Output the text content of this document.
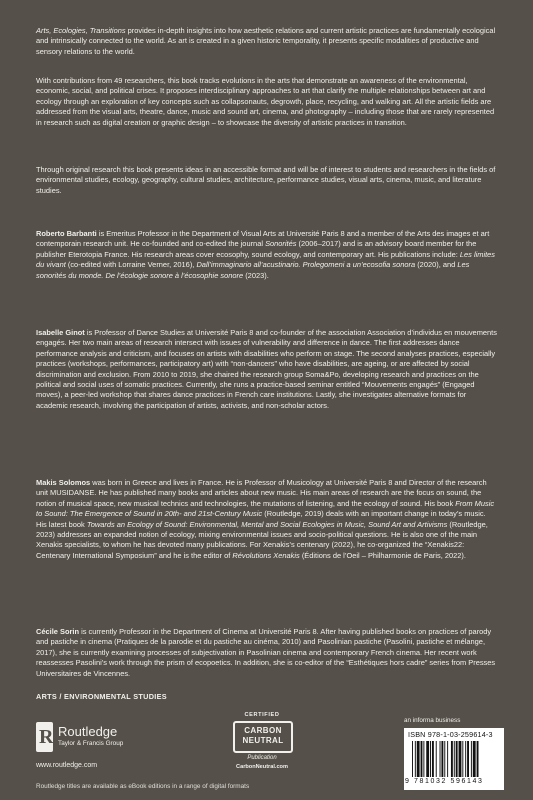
Arts, Ecologies, Transitions provides in-depth insights into how aesthetic relations and current artistic practices are fundamentally ecological and intrinsically connected to the world. As art is created in a given historic temporality, it presents specific modalities of productive and sensory relations to the world.

With contributions from 49 researchers, this book tracks evolutions in the arts that demonstrate an awareness of the environmental, economic, social, and political crises. It proposes interdisciplinary approaches to art that clarify the multiple relationships between art and ecology through an exploration of key concepts such as collapsonauts, degrowth, place, recycling, and walking art. All the artistic fields are addressed from the visual arts, theatre, dance, music and sound art, cinema, and photography – including those that are rarely represented in research such as digital creation or graphic design – to showcase the diversity of artistic practices in transition.

Through original research this book presents ideas in an accessible format and will be of interest to students and researchers in the fields of environmental studies, ecology, geography, cultural studies, architecture, performance studies, visual arts, cinema, music, and literature studies.

Roberto Barbanti is Emeritus Professor in the Department of Visual Arts at Université Paris 8 and a member of the Arts des images et art contemporain research unit. He co-founded and co-edited the journal Sonorités (2006–2017) and is an advisory board member for the publisher Eterotopia France. His research areas cover ecosophy, sound ecology, and contemporary art. His publications include: Les limites du vivant (co-edited with Lorraine Verner, 2016), Dall’immaginario all’acustinario. Prolegomeni a un’ecosofia sonora (2020), and Les sonorités du monde. De l’écologie sonore à l’écosophie sonore (2023).

Isabelle Ginot is Professor of Dance Studies at Université Paris 8 and co-founder of the association Association d’individus en mouvements engagés. Her two main areas of research intersect with issues of vulnerability and difference in dance. The first addresses dance performance analysis and criticism, and focuses on artists with disabilities who perform on stage. The second analyses practices, especially practices (workshops, performances, participatory art) with “non-dancers” who have disabilities, are ageing, or are affected by social discrimination and exclusion. From 2010 to 2019, she chaired the research group Soma&Po, developing research and practices on the political and social uses of somatic practices. Currently, she runs a practice-based seminar entitled “Mouvements engagés” (Engaged moves), a peer-led workshop that shares dance practices in French care institutions. Lastly, she investigates alternative formats for academic research, involving the participation of artists, activists, and non-scholar actors.

Makis Solomos was born in Greece and lives in France. He is Professor of Musicology at Université Paris 8 and Director of the research unit MUSIDANSE. He has published many books and articles about new music. His main areas of research are the focus on sound, the notion of musical space, new musical technics and technologies, the mutations of listening, and the ecology of sound. His book From Music to Sound: The Emergence of Sound in 20th- and 21st-Century Music (Routledge, 2019) deals with an important change in today’s music. His latest book Towards an Ecology of Sound: Environmental, Mental and Social Ecologies in Music, Sound Art and Artivisms (Routledge, 2023) addresses an expanded notion of ecology, mixing environmental issues and socio-political questions. He is also one of the main Xenakis specialists, to whom he has devoted many publications. For Xenakis’s centenary (2022), he co-organized the “Xenakis22: Centenary International Symposium” and he is the editor of Révolutions Xenakis (Éditions de l’Oeil – Philharmonie de Paris, 2022).

Cécile Sorin is currently Professor in the Department of Cinema at Université Paris 8. After having published books on practices of parody and pastiche in cinema (Pratiques de la parodie et du pastiche au cinéma, 2010) and Pasolinian pastiche (Pasolini, pastiche et mélange, 2017), she is currently examining processes of subjectivation in Pasolinian cinema and contemporary French cinema. Her recent work reassesses Pasolini’s work through the prism of ecopoetics. In addition, she is co-editor of the “Esthétiques hors cadre” series from Presses Universitaires de Vincennes.

ARTS / ENVIRONMENTAL STUDIES
R Routledge
Taylor & Francis Group
www.routledge.com
CERTIFIED
CARBON
NEUTRAL
Publication
CarbonNeutral.com
an informa business
ISBN 978-1-03-259614-3
9 781032 596143
Routledge titles are available as eBook editions in a range of digital formats
